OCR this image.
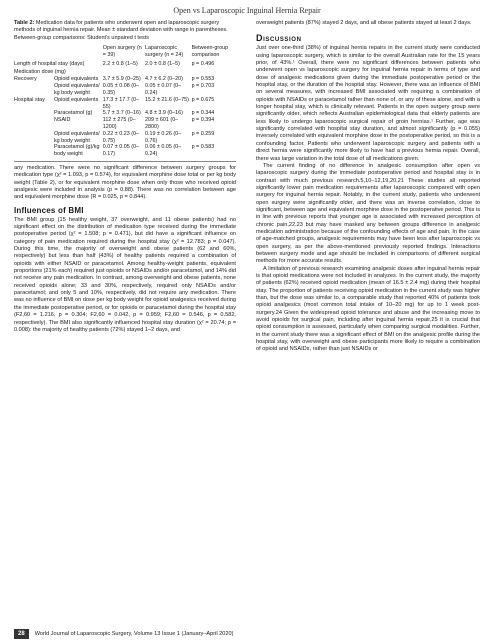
Open vs Laparoscopic Inguinal Hernia Repair

Table 2: Medication data for patients who underwent open and laparoscopic surgery methods of inguinal hernia repair. Mean ± standard deviation with range in parentheses. Between-group comparisons: Student’s unpaired t tests

		Open surgery (n = 39)	Laparoscopic surgery (n = 24)	Between-group comparison
Length of hospital stay (days)		2.2 ± 0.8 (1–5)	2.0 ± 0.8 (1–5)	p = 0.496
Medication dose (mg)				
Recovery	Opioid equivalents	3.7 ± 5.9 (0–25)	4.7 ± 6.2 (0–20)	p = 0.553
	Opioid equivalents/ kg body weight	0.05 ± 0.08 (0–0.35)	0.05 ± 0.07 (0–0.24)	p = 0.703
Hospital stay	Opioid equivalents	17.3 ± 17.7 (0–55)	15.2 ± 21.6 (0–75)	p = 0.675
	Paracetamol (g)	5.7 ± 3.7 (0–16)	4.8 ± 3.9 (0–16)	p = 0.344
	NSAID	112 ± 275 (0–1200)	209 ± 601 (0–2800)	p = 0.394
	Opioid equivalents/ kg body weight	0.22 ± 0.23 (0–0.75)	0.19 ± 0.26 (0–0.76)	p = 0.259
	Paracetamol (g)/kg body weight	0.07 ± 0.05 (0–0.17)	0.06 ± 0.05 (0–0.24)	p = 0.583

any medication. There were no significant difference between surgery groups for medication type (χ² = 1.093, p = 0.574), for equivalent morphine dose total or per kg body weight (Table 2), or for equivalent morphine dose when only those who received opioid analgesic were included in analysis (p = 0.88). There was no correlation between age and equivalent morphine dose (R = 0.025, p = 0.844).

Influences of BMI

The BMI group (15 healthy weight, 37 overweight, and 11 obese patients) had no significant effect on the distribution of medication type received during the immediate postoperative period (χ² = 1.508; p = 0.471), but did have a significant influence on category of pain medication required during the hospital stay (χ² = 12.783; p = 0.047). During this time, the majority of overweight and obese patients (62 and 60%, respectively) but less than half (43%) of healthy patients required a combination of opioids with either NSAID or paracetamol. Among healthy-weight patients, equivalent proportions (21% each) required just opioids or NSAIDs and/or paracetamol, and 14% did not receive any pain medication. In contrast, among overweight and obese patients, none received opioids alone; 33 and 30%, respectively, required only NSAIDs and/or paracetamol; and only 5 and 10%, respectively, did not require any medication. There was no influence of BMI on dose per kg body weight for opioid analgesics received during the immediate postoperative period, or for opioids or paracetamol during the hospital stay (F2,60 = 1.216, p = 0.304; F2,60 = 0.042, p = 0.959; F2,60 = 0.546, p = 0.582, respectively). The BMI also significantly influenced hospital stay duration (χ² = 20.74; p = 0.008): the majority of healthy patients (72%) stayed 1–2 days, and

overweight patients (87%) stayed 2 days, and all obese patients stayed at least 2 days.

Discussion

Just over one-third (38%) of inguinal hernia repairs in the current study were conducted using laparoscopic surgery, which is similar to the overall Australian rate for the 15 years prior, of 43%.¹ Overall, there were no significant differences between patients who underwent open vs laparoscopic surgery for inguinal hernia repair in terms of type and dose of analgesic medications given during the immediate postoperative period or the hospital stay, or the duration of the hospital stay. However, there was an influence of BMI on several measures, with increased BMI associated with requiring a combination of opioids with NSAIDs or paracetamol rather than none of, or any of these alone, and with a longer hospital stay, which is clinically relevant. Patients in the open surgery group were significantly older, which reflects Australian epidemiological data that elderly patients are less likely to undergo laparoscopic surgical repair of groin hernias.¹ Further, age was significantly correlated with hospital stay duration, and almost significantly (p = 0.055) inversely correlated with equivalent morphine dose in the postoperative period, so this is a confounding factor. Patients who underwent laparoscopic surgery and patients with a direct hernia were significantly more likely to have had a previous hernia repair. Overall, there was large variation in the total dose of all medications given.

The current finding of no difference in analgesic consumption after open vs laparoscopic surgery during the immediate postoperative period and hospital stay is in contrast with much previous research.5,10–12,19,20,21 These studies all reported significantly lower pain medication requirements after laparoscopic compared with open surgery for inguinal hernia repair. Notably, in the current study, patients who underwent open surgery were significantly older, and there was an inverse correlation, close to significant, between age and equivalent morphine dose in the postoperative period. This is in line with previous reports that younger age is associated with increased perception of chronic pain,22,23 but may have masked any between groups difference in analgesic medication administration because of the confounding effects of age and pain. In the case of age-matched groups, analgesic requirements may have been less after laparoscopic vs open surgery, as per the above-mentioned previously reported findings. Interactions between surgery mode and age should be included in comparisons of different surgical methods for more accurate results.

A limitation of previous research examining analgesic doses after inguinal hernia repair is that opioid medications were not included in analyzes. In the current study, the majority of patients (62%) received opioid medication (mean of 16.5 ± 2.4 mg) during their hospital stay. The proportion of patients receiving opioid medication in the current study was higher than, but the dose was similar to, a comparable study that reported 40% of patients took opioid analgesics (most common total intake of 10–20 mg) for up to 1 week post-surgery.24 Given the widespread opioid tolerance and abuse and the increasing move to avoid opioids for surgical pain, including after inguinal hernia repair,25 it is crucial that opioid consumption is assessed, particularly when comparing surgical modalities. Further, in the current study there was a significant effect of BMI on the analgesic profile during the hospital stay, with overweight and obese participants more likely to require a combination of opioid and NSAIDs, rather than just NSAIDs or

28	World Journal of Laparoscopic Surgery, Volume 13 Issue 1 (January–April 2020)
